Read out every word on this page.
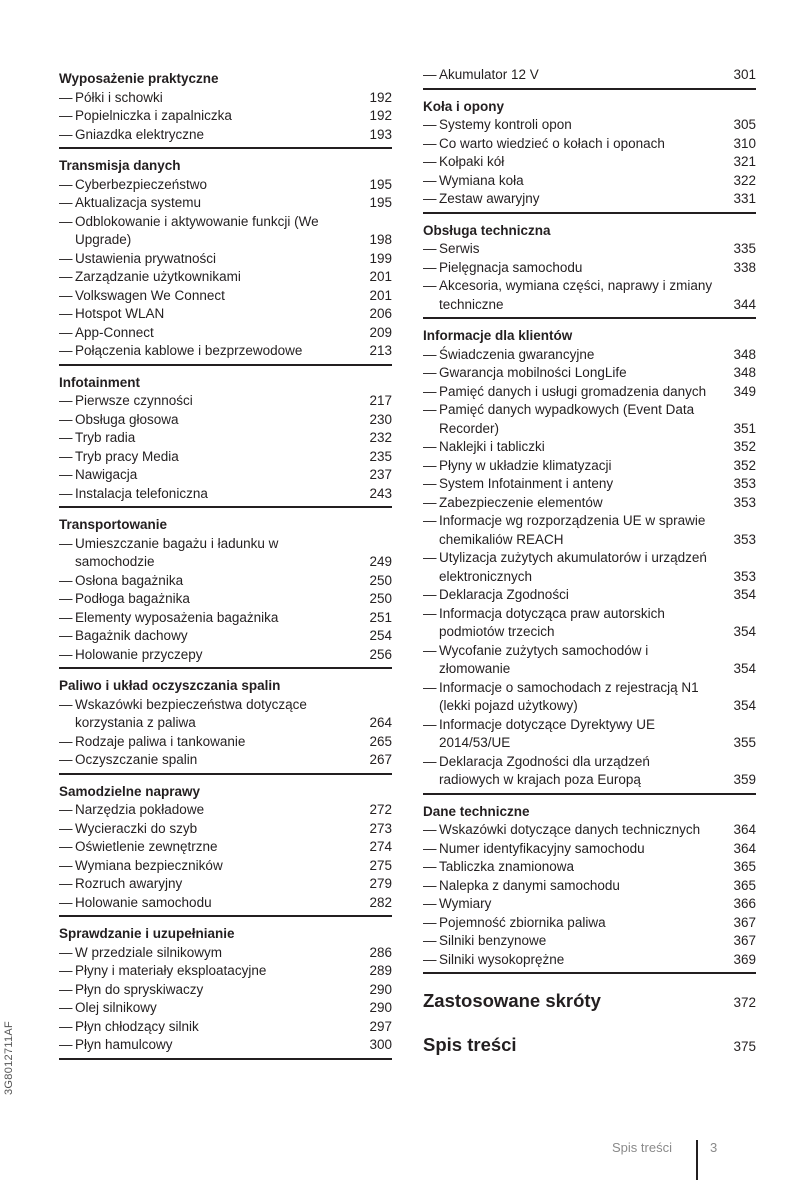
Wyposażenie praktyczne
— Półki i schowki	192
— Popielniczka i zapalniczka	192
— Gniazdka elektryczne	193
Transmisja danych
— Cyberbezpieczeństwo	195
— Aktualizacja systemu	195
— Odblokowanie i aktywowanie funkcji (We Upgrade)	198
— Ustawienia prywatności	199
— Zarządzanie użytkownikami	201
— Volkswagen We Connect	201
— Hotspot WLAN	206
— App-Connect	209
— Połączenia kablowe i bezprzewodowe	213
Infotainment
— Pierwsze czynności	217
— Obsługa głosowa	230
— Tryb radia	232
— Tryb pracy Media	235
— Nawigacja	237
— Instalacja telefoniczna	243
Transportowanie
— Umieszczanie bagażu i ładunku w samochodzie	249
— Osłona bagażnika	250
— Podłoga bagażnika	250
— Elementy wyposażenia bagażnika	251
— Bagażnik dachowy	254
— Holowanie przyczepy	256
Paliwo i układ oczyszczania spalin
— Wskazówki bezpieczeństwa dotyczące korzystania z paliwa	264
— Rodzaje paliwa i tankowanie	265
— Oczyszczanie spalin	267
Samodzielne naprawy
— Narzędzia pokładowe	272
— Wycieraczki do szyb	273
— Oświetlenie zewnętrzne	274
— Wymiana bezpieczników	275
— Rozruch awaryjny	279
— Holowanie samochodu	282
Sprawdzanie i uzupełnianie
— W przedziale silnikowym	286
— Płyny i materiały eksploatacyjne	289
— Płyn do spryskiwaczy	290
— Olej silnikowy	290
— Płyn chłodzący silnik	297
— Płyn hamulcowy	300
— Akumulator 12 V	301
Koła i opony
— Systemy kontroli opon	305
— Co warto wiedzieć o kołach i oponach	310
— Kołpaki kół	321
— Wymiana koła	322
— Zestaw awaryjny	331
Obsługa techniczna
— Serwis	335
— Pielęgnacja samochodu	338
— Akcesoria, wymiana części, naprawy i zmiany techniczne	344
Informacje dla klientów
— Świadczenia gwarancyjne	348
— Gwarancja mobilności LongLife	348
— Pamięć danych i usługi gromadzenia danych	349
— Pamięć danych wypadkowych (Event Data Recorder)	351
— Naklejki i tabliczki	352
— Płyny w układzie klimatyzacji	352
— System Infotainment i anteny	353
— Zabezpieczenie elementów	353
— Informacje wg rozporządzenia UE w sprawie chemikaliów REACH	353
— Utylizacja zużytych akumulatorów i urządzeń elektronicznych	353
— Deklaracja Zgodności	354
— Informacja dotycząca praw autorskich podmiotów trzecich	354
— Wycofanie zużytych samochodów i złomowanie	354
— Informacje o samochodach z rejestracją N1 (lekki pojazd użytkowy)	354
— Informacje dotyczące Dyrektywy UE 2014/53/UE	355
— Deklaracja Zgodności dla urządzeń radiowych w krajach poza Europą	359
Dane techniczne
— Wskazówki dotyczące danych technicznych	364
— Numer identyfikacyjny samochodu	364
— Tabliczka znamionowa	365
— Nalepka z danymi samochodu	365
— Wymiary	366
— Pojemność zbiornika paliwa	367
— Silniki benzynowe	367
— Silniki wysokoprężne	369
Zastosowane skróty	372
Spis treści	375
3G8012711AF
Spis treści	3
